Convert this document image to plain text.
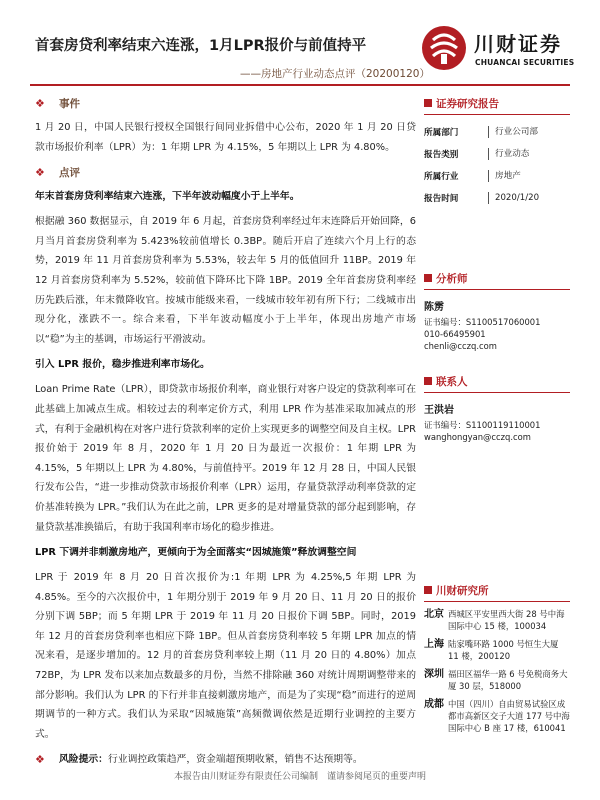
首套房贷利率结束六连涨，1月LPR报价与前值持平
——房地产行业动态点评（20200120）
川财证券
CHUANCAI SECURITIES
❖ 事件

1 月 20 日，中国人民银行授权全国银行间同业拆借中心公布，2020 年 1 月 20 日贷款市场报价利率（LPR）为：1 年期 LPR 为 4.15%，5 年期以上 LPR 为 4.80%。

❖ 点评
年末首套房贷利率结束六连涨，下半年波动幅度小于上半年。

根据融 360 数据显示，自 2019 年 6 月起，首套房贷利率经过年末连降后开始回降，6 月当月首套房贷利率为 5.423%较前值增长 0.3BP。随后开启了连续六个月上行的态势，2019 年 11 月首套房贷利率为 5.53%，较去年 5 月的低值回升 11BP。2019 年 12 月首套房贷利率为 5.52%，较前值下降环比下降 1BP。2019 全年首套房贷利率经历先跌后涨，年末微降收官。按城市能级来看，一线城市较年初有所下行；二线城市出现分化，涨跌不一。综合来看，下半年波动幅度小于上半年，体现出房地产市场以“稳”为主的基调，市场运行平滑波动。

引入 LPR 报价，稳步推进利率市场化。

Loan Prime Rate（LPR），即贷款市场报价利率，商业银行对客户设定的贷款利率可在此基础上加减点生成。相较过去的利率定价方式，利用 LPR 作为基准采取加减点的形式，有利于金融机构在对客户进行贷款利率的定价上实现更多的调整空间及自主权。LPR 报价始于 2019 年 8 月，2020 年 1 月 20 日为最近一次报价：1 年期 LPR 为 4.15%，5 年期以上 LPR 为 4.80%，与前值持平。2019 年 12 月 28 日，中国人民银行发布公告，“进一步推动贷款市场报价利率（LPR）运用，存量贷款浮动利率贷款的定价基准转换为 LPR。”我们认为在此之前，LPR 更多的是对增量贷款的部分起到影响，存量贷款基准换锚后，有助于我国利率市场化的稳步推进。

LPR 下调并非刺激房地产，更倾向于为全面落实“因城施策”释放调整空间

LPR 于 2019 年 8 月 20 日首次报价为:1 年期 LPR 为 4.25%,5 年期 LPR 为 4.85%。至今的六次报价中，1 年期分别于 2019 年 9 月 20 日、11 月 20 日的报价分别下调 5BP；而 5 年期 LPR 于 2019 年 11 月 20 日报价下调 5BP。同时，2019 年 12 月的首套房贷利率也相应下降 1BP。但从首套房贷利率较 5 年期 LPR 加点的情况来看，是逐步增加的。12 月的首套房贷利率较上期（11 月 20 日的 4.80%）加点 72BP，为 LPR 发布以来加点数最多的月份，当然不排除融 360 对统计周期调整带来的部分影响。我们认为 LPR 的下行并非直接刺激房地产，而是为了实现“稳”而进行的逆周期调节的一种方式。我们认为采取“因城施策”高频微调依然是近期行业调控的主要方式。

❖ 风险提示：行业调控政策趋严，资金端超预期收紧，销售不达预期等。
证券研究报告
所属部门	行业公司部
报告类别	行业动态
所属行业	房地产
报告时间	2020/1/20
分析师
陈雳
证书编号：S1100517060001
010-66495901
chenli@cczq.com
联系人
王洪岩
证书编号：S1100119110001
wanghongyan@cczq.com
川财研究所
北京 西城区平安里西大街 28 号中海国际中心 15 楼，100034
上海 陆家嘴环路 1000 号恒生大厦 11 楼，200120
深圳 福田区福华一路 6 号免税商务大厦 30 层，518000
成都 中国（四川）自由贸易试验区成都市高新区交子大道 177 号中海国际中心 B 座 17 楼，610041
本报告由川财证券有限责任公司编制　谨请参阅尾页的重要声明
